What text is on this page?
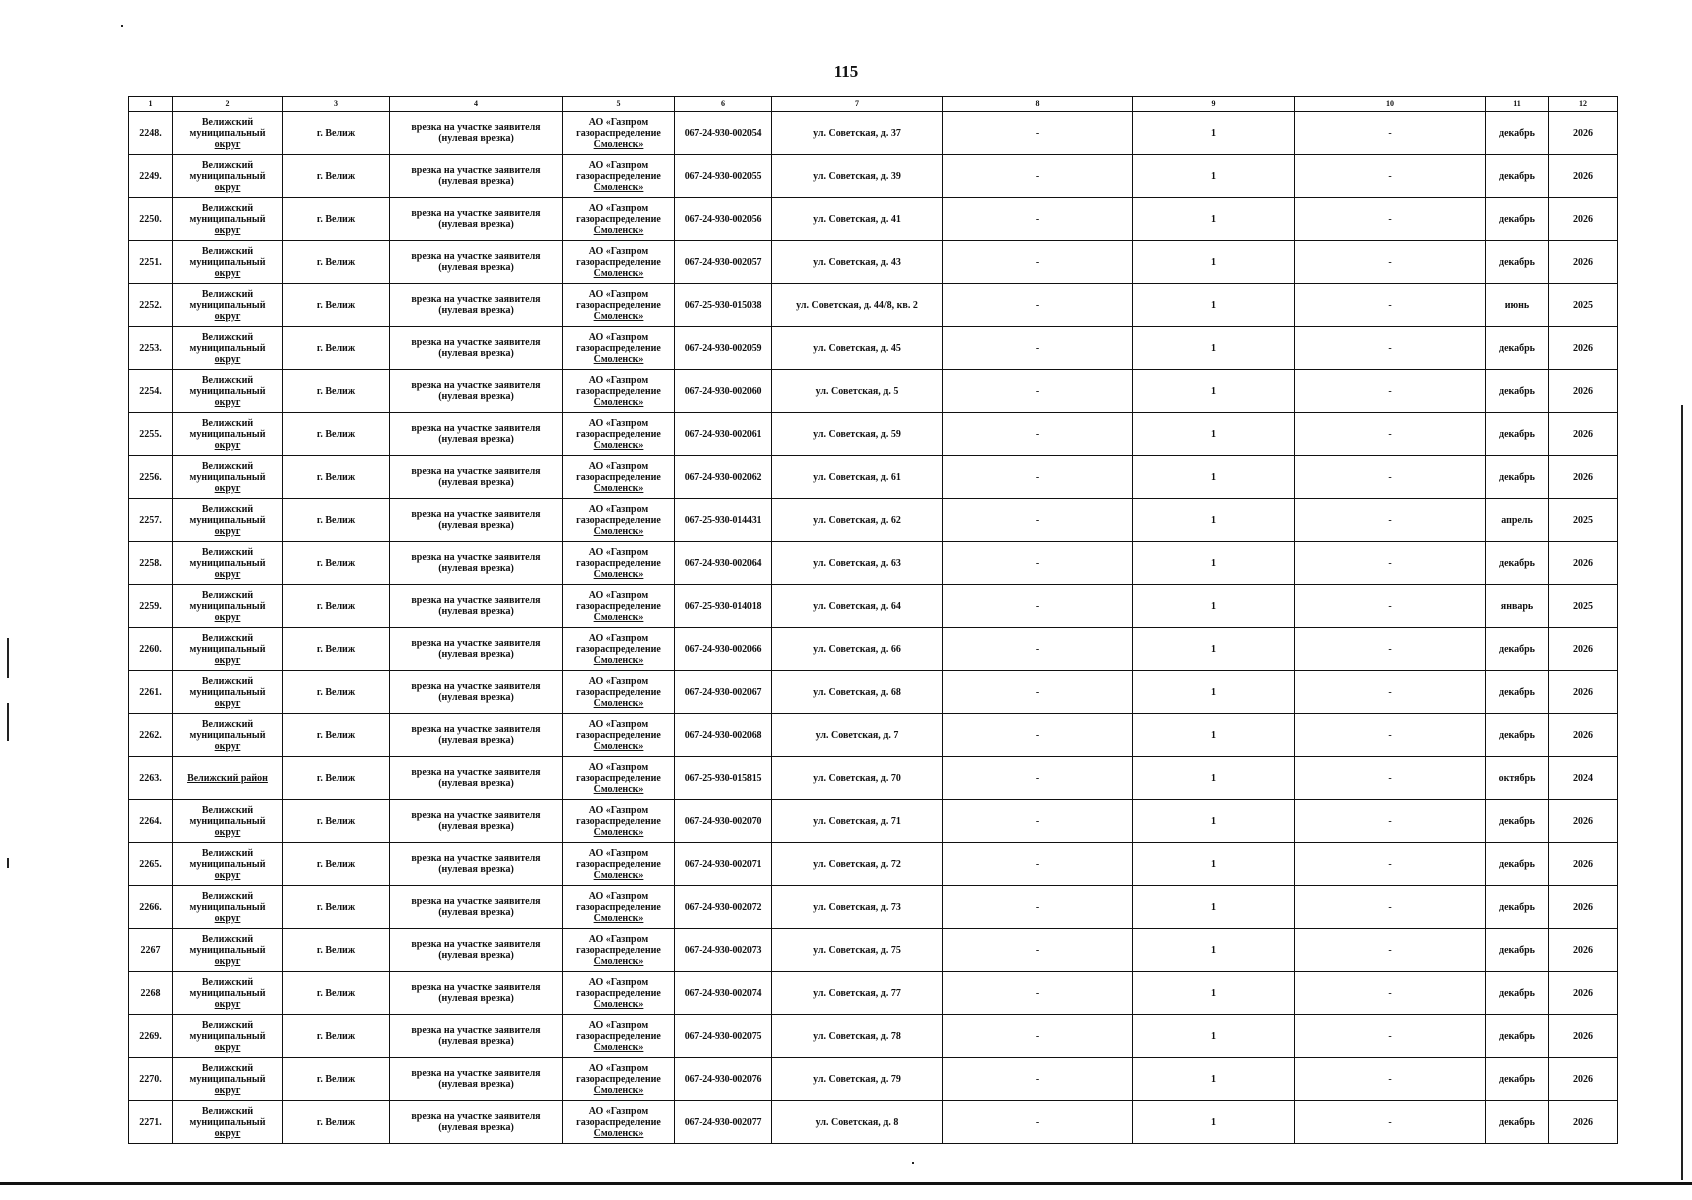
115
1	2	3	4	5	6	7	8	9	10	11	12
2248.	Велижский
муниципальный
округ	г. Велиж	врезка на участке заявителя
(нулевая врезка)	АО «Газпром
газораспределение
Смоленск»	067-24-930-002054	ул. Советская, д. 37	-	1	-	декабрь	2026
2249.	Велижский
муниципальный
округ	г. Велиж	врезка на участке заявителя
(нулевая врезка)	АО «Газпром
газораспределение
Смоленск»	067-24-930-002055	ул. Советская, д. 39	-	1	-	декабрь	2026
2250.	Велижский
муниципальный
округ	г. Велиж	врезка на участке заявителя
(нулевая врезка)	АО «Газпром
газораспределение
Смоленск»	067-24-930-002056	ул. Советская, д. 41	-	1	-	декабрь	2026
2251.	Велижский
муниципальный
округ	г. Велиж	врезка на участке заявителя
(нулевая врезка)	АО «Газпром
газораспределение
Смоленск»	067-24-930-002057	ул. Советская, д. 43	-	1	-	декабрь	2026
2252.	Велижский
муниципальный
округ	г. Велиж	врезка на участке заявителя
(нулевая врезка)	АО «Газпром
газораспределение
Смоленск»	067-25-930-015038	ул. Советская, д. 44/8, кв. 2	-	1	-	июнь	2025
2253.	Велижский
муниципальный
округ	г. Велиж	врезка на участке заявителя
(нулевая врезка)	АО «Газпром
газораспределение
Смоленск»	067-24-930-002059	ул. Советская, д. 45	-	1	-	декабрь	2026
2254.	Велижский
муниципальный
округ	г. Велиж	врезка на участке заявителя
(нулевая врезка)	АО «Газпром
газораспределение
Смоленск»	067-24-930-002060	ул. Советская, д. 5	-	1	-	декабрь	2026
2255.	Велижский
муниципальный
округ	г. Велиж	врезка на участке заявителя
(нулевая врезка)	АО «Газпром
газораспределение
Смоленск»	067-24-930-002061	ул. Советская, д. 59	-	1	-	декабрь	2026
2256.	Велижский
муниципальный
округ	г. Велиж	врезка на участке заявителя
(нулевая врезка)	АО «Газпром
газораспределение
Смоленск»	067-24-930-002062	ул. Советская, д. 61	-	1	-	декабрь	2026
2257.	Велижский
муниципальный
округ	г. Велиж	врезка на участке заявителя
(нулевая врезка)	АО «Газпром
газораспределение
Смоленск»	067-25-930-014431	ул. Советская, д. 62	-	1	-	апрель	2025
2258.	Велижский
муниципальный
округ	г. Велиж	врезка на участке заявителя
(нулевая врезка)	АО «Газпром
газораспределение
Смоленск»	067-24-930-002064	ул. Советская, д. 63	-	1	-	декабрь	2026
2259.	Велижский
муниципальный
округ	г. Велиж	врезка на участке заявителя
(нулевая врезка)	АО «Газпром
газораспределение
Смоленск»	067-25-930-014018	ул. Советская, д. 64	-	1	-	январь	2025
2260.	Велижский
муниципальный
округ	г. Велиж	врезка на участке заявителя
(нулевая врезка)	АО «Газпром
газораспределение
Смоленск»	067-24-930-002066	ул. Советская, д. 66	-	1	-	декабрь	2026
2261.	Велижский
муниципальный
округ	г. Велиж	врезка на участке заявителя
(нулевая врезка)	АО «Газпром
газораспределение
Смоленск»	067-24-930-002067	ул. Советская, д. 68	-	1	-	декабрь	2026
2262.	Велижский
муниципальный
округ	г. Велиж	врезка на участке заявителя
(нулевая врезка)	АО «Газпром
газораспределение
Смоленск»	067-24-930-002068	ул. Советская, д. 7	-	1	-	декабрь	2026
2263.	Велижский район	г. Велиж	врезка на участке заявителя
(нулевая врезка)	АО «Газпром
газораспределение
Смоленск»	067-25-930-015815	ул. Советская, д. 70	-	1	-	октябрь	2024
2264.	Велижский
муниципальный
округ	г. Велиж	врезка на участке заявителя
(нулевая врезка)	АО «Газпром
газораспределение
Смоленск»	067-24-930-002070	ул. Советская, д. 71	-	1	-	декабрь	2026
2265.	Велижский
муниципальный
округ	г. Велиж	врезка на участке заявителя
(нулевая врезка)	АО «Газпром
газораспределение
Смоленск»	067-24-930-002071	ул. Советская, д. 72	-	1	-	декабрь	2026
2266.	Велижский
муниципальный
округ	г. Велиж	врезка на участке заявителя
(нулевая врезка)	АО «Газпром
газораспределение
Смоленск»	067-24-930-002072	ул. Советская, д. 73	-	1	-	декабрь	2026
2267	Велижский
муниципальный
округ	г. Велиж	врезка на участке заявителя
(нулевая врезка)	АО «Газпром
газораспределение
Смоленск»	067-24-930-002073	ул. Советская, д. 75	-	1	-	декабрь	2026
2268	Велижский
муниципальный
округ	г. Велиж	врезка на участке заявителя
(нулевая врезка)	АО «Газпром
газораспределение
Смоленск»	067-24-930-002074	ул. Советская, д. 77	-	1	-	декабрь	2026
2269.	Велижский
муниципальный
округ	г. Велиж	врезка на участке заявителя
(нулевая врезка)	АО «Газпром
газораспределение
Смоленск»	067-24-930-002075	ул. Советская, д. 78	-	1	-	декабрь	2026
2270.	Велижский
муниципальный
округ	г. Велиж	врезка на участке заявителя
(нулевая врезка)	АО «Газпром
газораспределение
Смоленск»	067-24-930-002076	ул. Советская, д. 79	-	1	-	декабрь	2026
2271.	Велижский
муниципальный
округ	г. Велиж	врезка на участке заявителя
(нулевая врезка)	АО «Газпром
газораспределение
Смоленск»	067-24-930-002077	ул. Советская, д. 8	-	1	-	декабрь	2026
